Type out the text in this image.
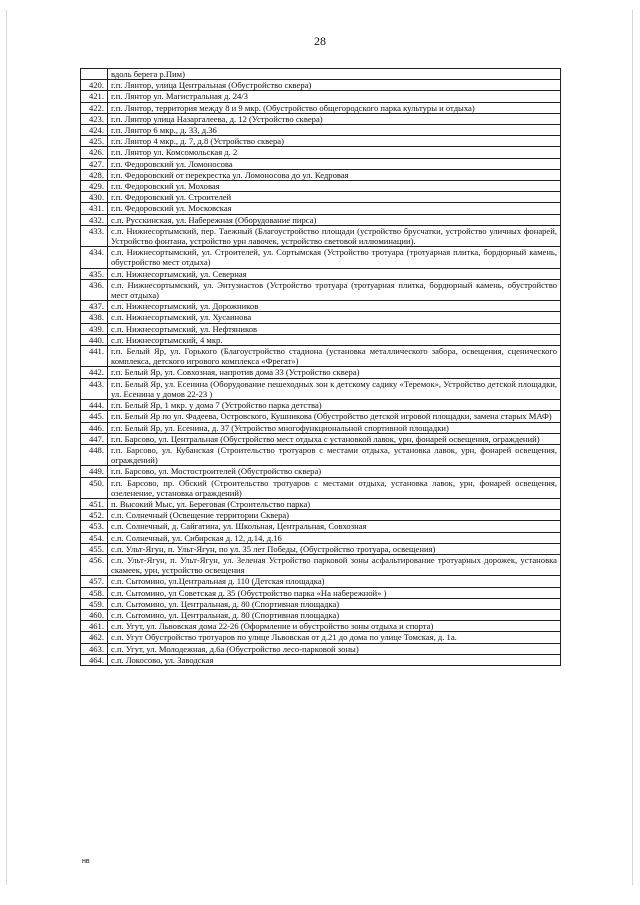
28
	вдоль берега р.Пим)
420.	г.п. Лянтор, улица Центральная (Обустройство сквера)
421.	г.п. Лянтор ул. Магистральная д. 24/3
422.	г.п. Лянтор, территория между 8 и 9 мкр. (Обустройство общегородского парка культуры и отдыха)
423.	г.п. Лянтор улица Назаргалеева, д. 12 (Устройство сквера)
424.	г.п. Лянтор 6 мкр., д. 33, д.36
425.	г.п. Лянтор 4 мкр., д. 7, д.8 (Устройство сквера)
426.	г.п. Лянтор ул. Комсомольская д. 2
427.	г.п. Федоровский ул. Ломоносова
428.	г.п. Федоровский от перекрестка ул. Ломоносова до ул. Кедровая
429.	г.п. Федоровский ул. Моховая
430.	г.п. Федоровский ул. Строителей
431.	г.п. Федоровский ул. Московская
432.	с.п. Русскинская, ул. Набережная (Оборудование пирса)
433.	с.п. Нижнесортымский, пер. Таежный (Благоустройство площади (устройство брусчатки, устройство уличных фонарей, Устройство фонтана, устройство урн лавочек, устройство световой иллюминации).
434.	с.п. Нижнесортымский, ул. Строителей, ул. Сортымская (Устройство тротуара (тротуарная плитка, бордюрный камень, обустройство мест отдыха)
435.	с.п. Нижнесортымский, ул. Северная
436.	с.п. Нижнесортымский, ул. Энтузиастов (Устройство тротуара (тротуарная плитка, бордюрный камень, обустройство мест отдыха)
437.	с.п. Нижнесортымский, ул. Дорожников
438.	с.п. Нижнесортымский, ул. Хусаинова
439.	с.п. Нижнесортымский, ул. Нефтяников
440.	с.п. Нижнесортымский, 4 мкр.
441.	г.п. Белый Яр, ул. Горького (Благоустройство стадиона (установка металлического забора, освещения, сценического комплекса, детского игрового комплекса «Фрегат»)
442.	г.п. Белый Яр, ул. Совхозная, напротив дома 33 (Устройство сквера)
443.	г.п. Белый Яр, ул. Есенина (Оборудование пешеходных зон к детскому садику «Теремок», Устройство детской площадки, ул. Есенина у домов 22-23 )
444.	г.п. Белый Яр, 1 мкр. у дома 7 (Устройство парка детства)
445.	г.п. Белый Яр по ул. Фадеева, Островского, Кушникова (Обустройство детской игровой площадки, замена старых МАФ)
446.	г.п. Белый Яр, ул. Есенина, д. 37 (Устройство многофункциональной спортивной площадки)
447.	г.п. Барсово, ул. Центральная (Обустройство мест отдыха с установкой лавок, урн, фонарей освещения, ограждений)
448.	г.п. Барсово, ул. Кубанская (Строительство тротуаров с местами отдыха, установка лавок, урн, фонарей освещения, ограждений)
449.	г.п. Барсово, ул. Мостостроителей (Обустройство сквера)
450.	г.п. Барсово, пр. Обский (Строительство тротуаров с местами отдыха, установка лавок, урн, фонарей освещения, озеленение, установка ограждений)
451.	п. Высокий Мыс, ул. Береговая (Строительство парка)
452.	с.п. Солнечный (Освещение территории Сквера)
453.	с.п. Солнечный, д. Сайгатина, ул. Школьная, Центральная, Совхозная
454.	с.п. Солнечный, ул. Сибирская д. 12, д.14, д.16
455.	с.п. Ульт-Ягун, п. Ульт-Ягун, по ул. 35 лет Победы, (Обустройство тротуара, освещения)
456.	с.п. Ульт-Ягун, п. Ульт-Ягун, ул. Зеленая Устройство парковой зоны асфальтирование тротуарных дорожек, установка скамеек, урн, устройство освещения
457.	с.п. Сытомино, ул.Центральная д. 110 (Детская площадка)
458.	с.п. Сытомино, ул Советская д. 35 (Обустройство парка «На набережной» )
459.	с.п. Сытомино, ул. Центральная, д. 80 (Спортивная площадка)
460.	с.п. Сытомино, ул. Центральная, д. 80 (Спортивная площадка)
461.	с.п. Угут, ул. Львовская дома 22-26 (Оформление и обустройство зоны отдыха и спорта)
462.	с.п. Угут Обустройство тротуаров по улице Львовская от д.21 до дома по улице Томская, д. 1а.
463.	с.п. Угут, ул. Молодежная, д.6а (Обустройство лесо-парковой зоны)
464.	с.п. Локосово, ул. Заводская
нв
